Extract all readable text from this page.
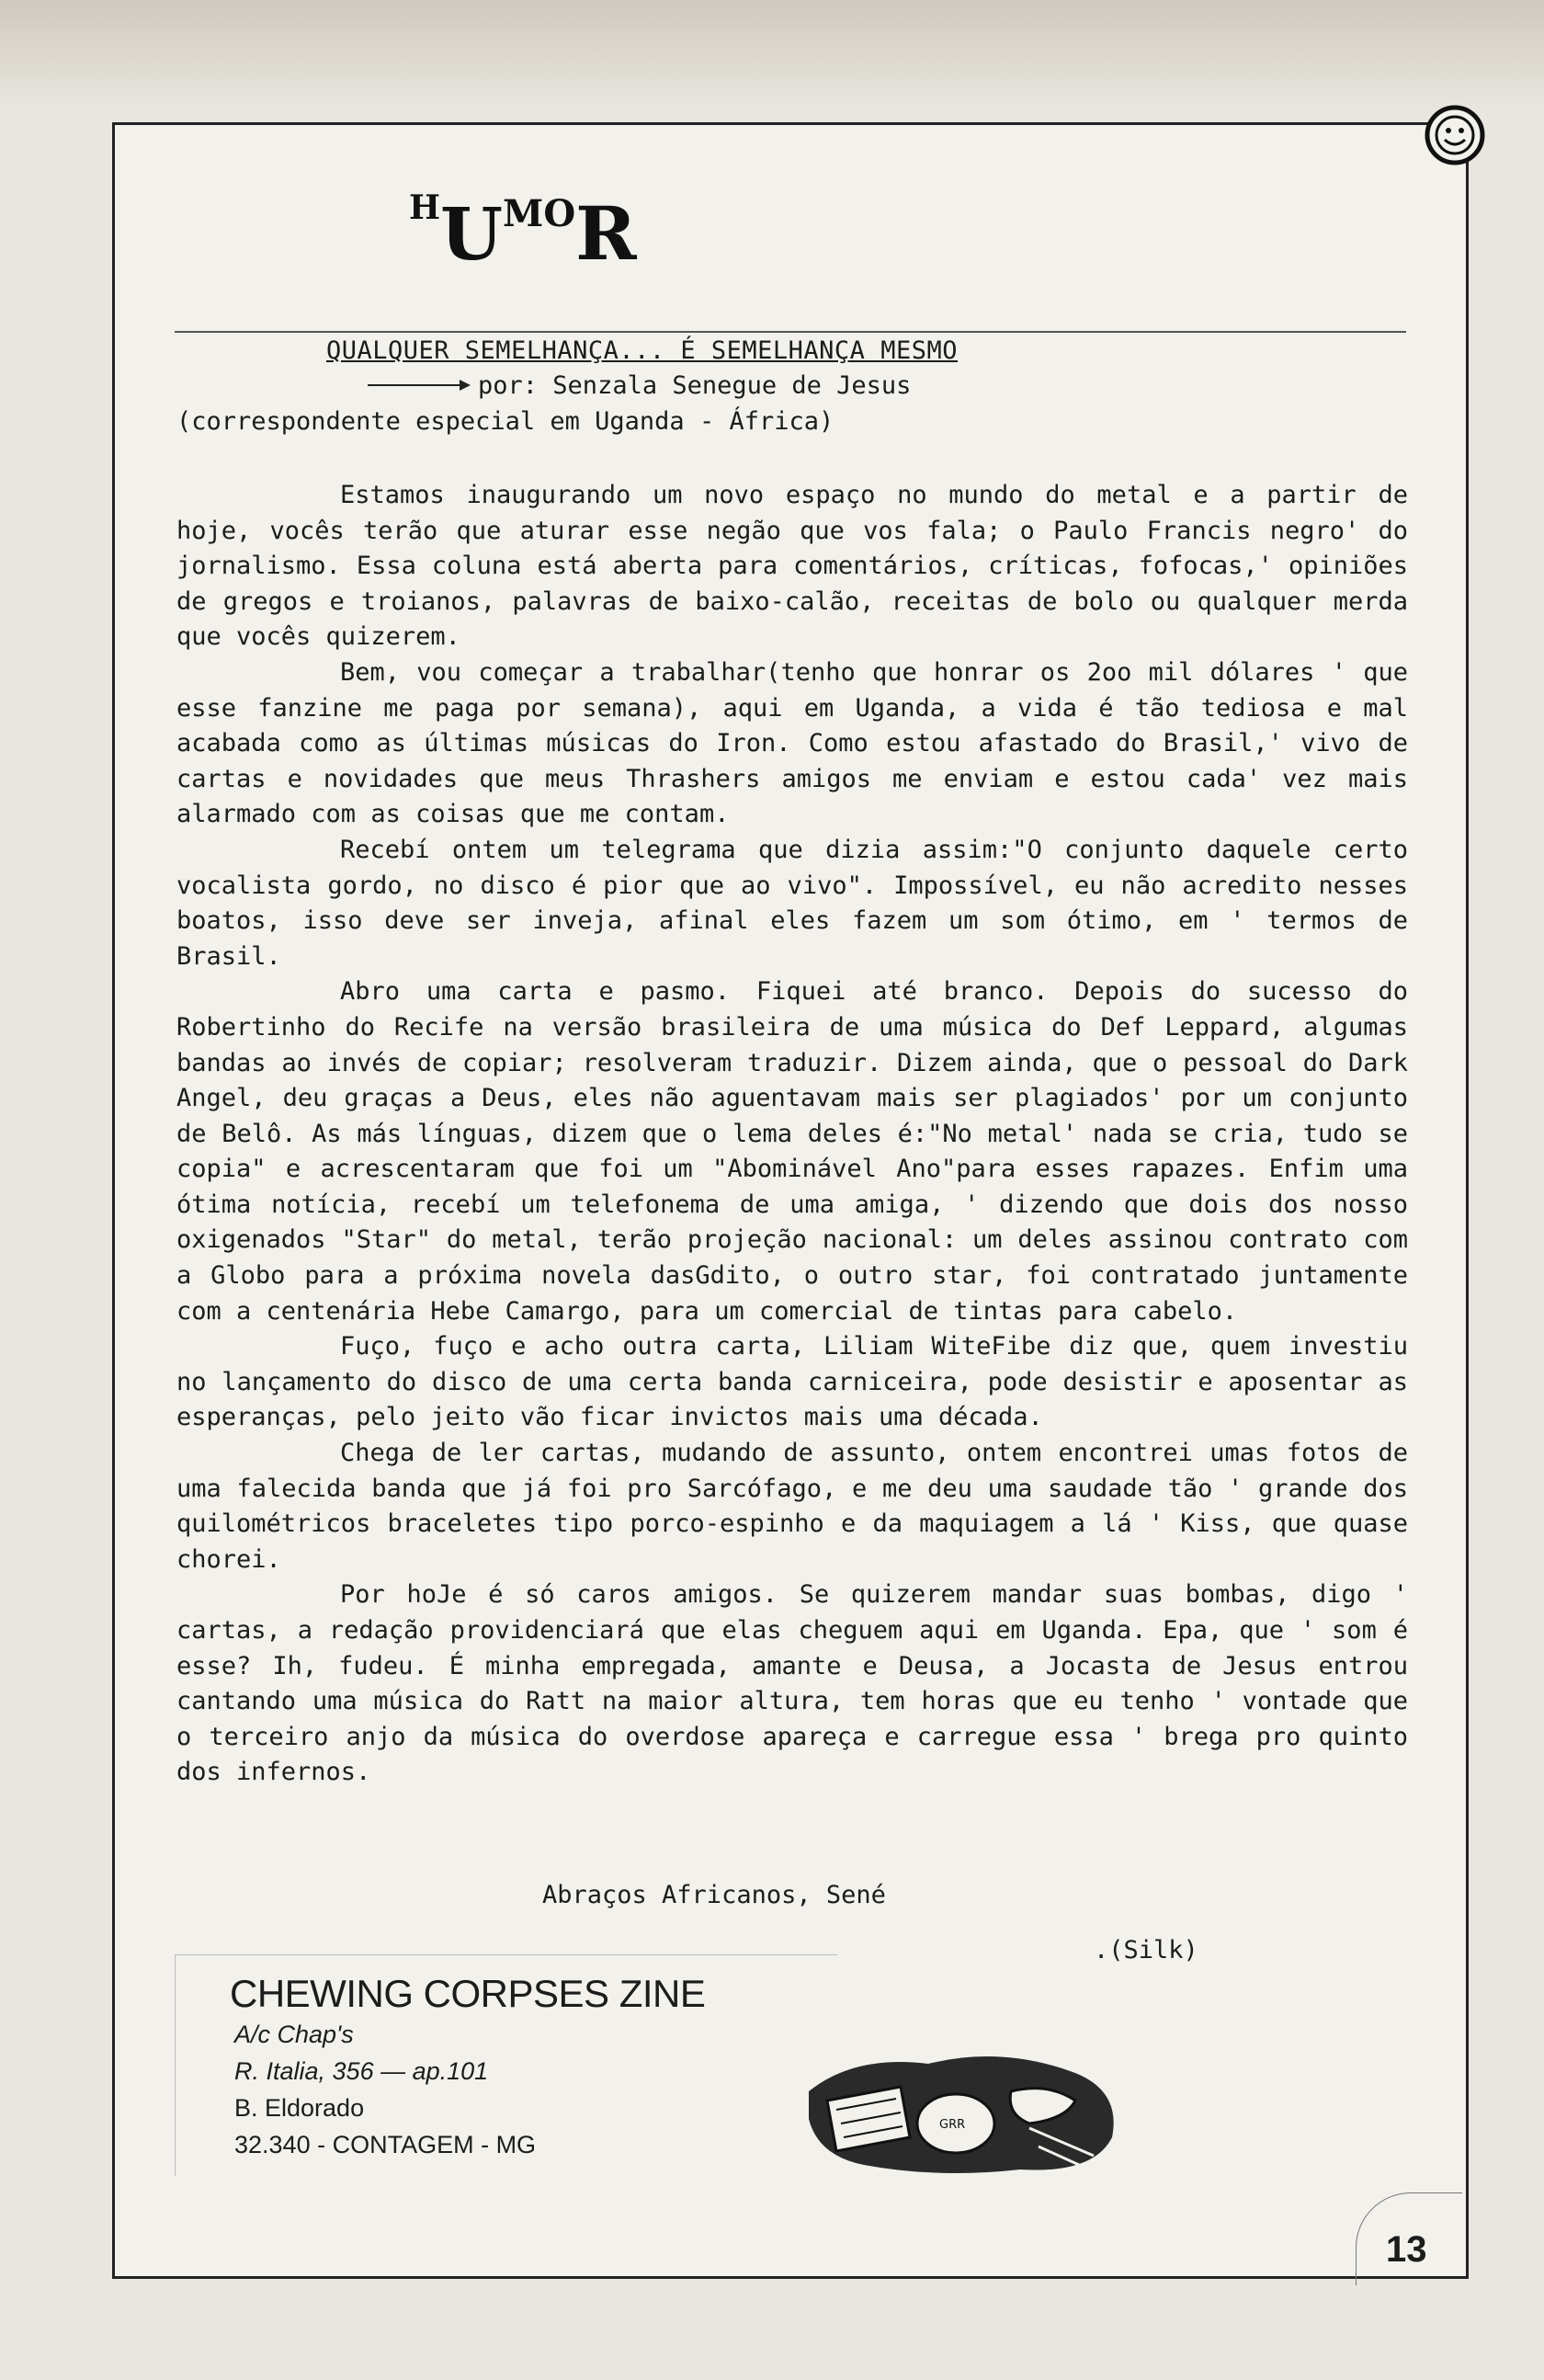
HUMOR
QUALQUER SEMELHANÇA... É SEMELHANÇA MESMO
por: Senzala Senegue de Jesus
(correspondente especial em Uganda - África)

Estamos inaugurando um novo espaço no mundo do metal e a partir de hoje, vocês terão que aturar esse negão que vos fala; o Paulo Francis negro' do jornalismo. Essa coluna está aberta para comentários, críticas, fofocas,' opiniões de gregos e troianos, palavras de baixo-calão, receitas de bolo ou qualquer merda que vocês quizerem.

Bem, vou começar a trabalhar(tenho que honrar os 2oo mil dólares ' que esse fanzine me paga por semana), aqui em Uganda, a vida é tão tediosa e mal acabada como as últimas músicas do Iron. Como estou afastado do Brasil,' vivo de cartas e novidades que meus Thrashers amigos me enviam e estou cada' vez mais alarmado com as coisas que me contam.

Recebí ontem um telegrama que dizia assim:"O conjunto daquele certo vocalista gordo, no disco é pior que ao vivo". Impossível, eu não acredito nesses boatos, isso deve ser inveja, afinal eles fazem um som ótimo, em ' termos de Brasil.

Abro uma carta e pasmo. Fiquei até branco. Depois do sucesso do Robertinho do Recife na versão brasileira de uma música do Def Leppard, algumas bandas ao invés de copiar; resolveram traduzir. Dizem ainda, que o pessoal do Dark Angel, deu graças a Deus, eles não aguentavam mais ser plagiados' por um conjunto de Belô. As más línguas, dizem que o lema deles é:"No metal' nada se cria, tudo se copia" e acrescentaram que foi um "Abominável Ano"para esses rapazes. Enfim uma ótima notícia, recebí um telefonema de uma amiga, ' dizendo que dois dos nosso oxigenados "Star" do metal, terão projeção nacional: um deles assinou contrato com a Globo para a próxima novela dasGdito, o outro star, foi contratado juntamente com a centenária Hebe Camargo, para um comercial de tintas para cabelo.

Fuço, fuço e acho outra carta, Liliam WiteFibe diz que, quem investiu no lançamento do disco de uma certa banda carniceira, pode desistir e aposentar as esperanças, pelo jeito vão ficar invictos mais uma década.

Chega de ler cartas, mudando de assunto, ontem encontrei umas fotos de uma falecida banda que já foi pro Sarcófago, e me deu uma saudade tão ' grande dos quilométricos braceletes tipo porco-espinho e da maquiagem a lá ' Kiss, que quase chorei.

Por hoJe é só caros amigos. Se quizerem mandar suas bombas, digo ' cartas, a redação providenciará que elas cheguem aqui em Uganda. Epa, que ' som é esse? Ih, fudeu. É minha empregada, amante e Deusa, a Jocasta de Jesus entrou cantando uma música do Ratt na maior altura, tem horas que eu tenho ' vontade que o terceiro anjo da música do overdose apareça e carregue essa ' brega pro quinto dos infernos.

Abraços Africanos, Sené
.(Silk)
CHEWING CORPSES ZINE
A/c Chap's
R. Italia, 356 — ap.101
B. Eldorado
32.340 - CONTAGEM - MG
GRR
13
